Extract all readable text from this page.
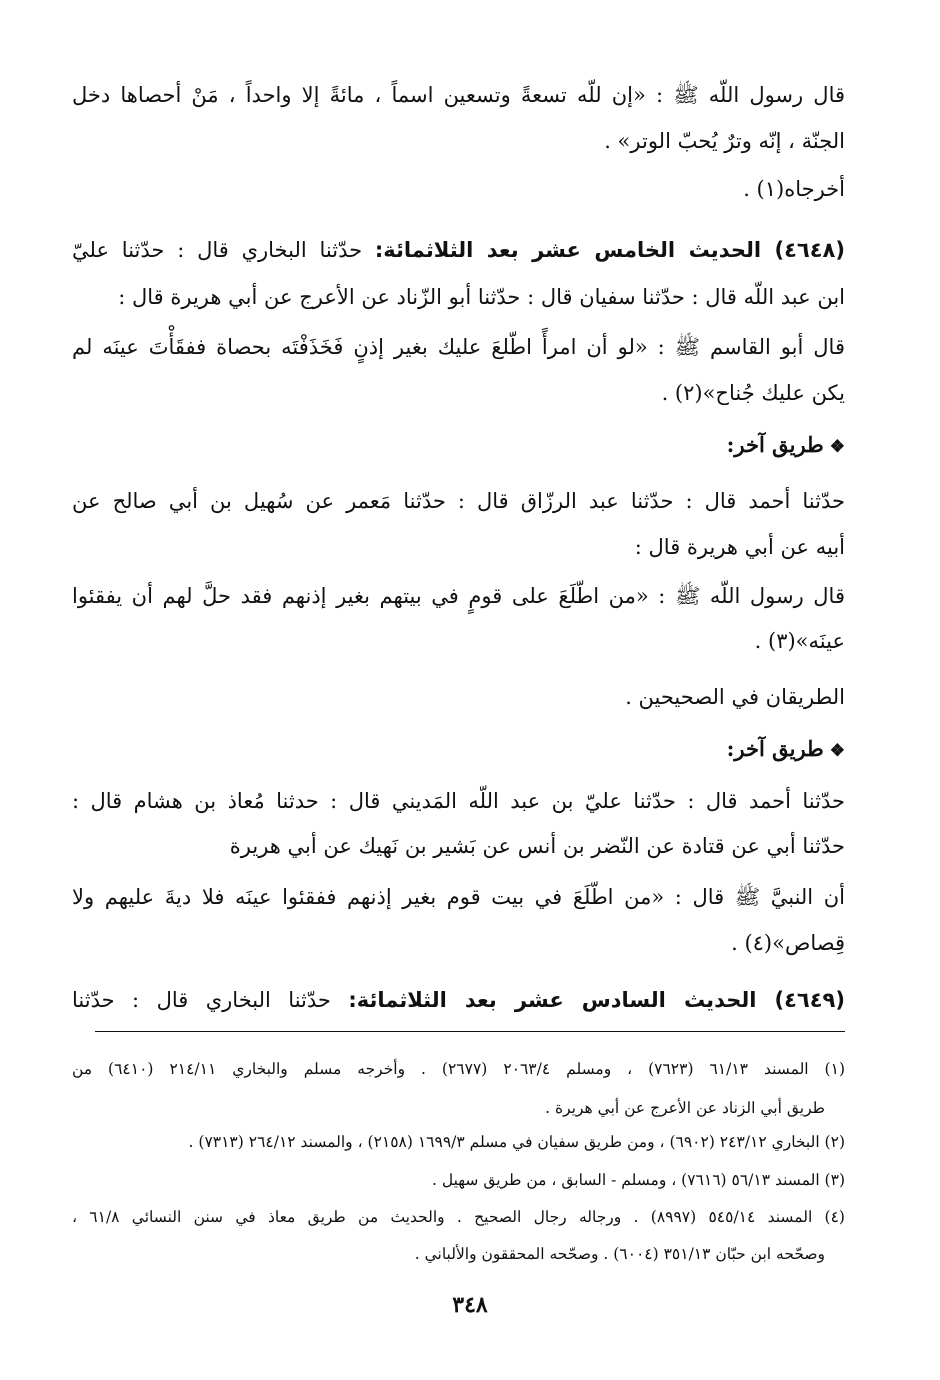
قال رسول اللّه ﷺ : «إن للّه تسعةً وتسعين اسماً ، مائةً إلا واحداً ، مَنْ أحصاها دخل
الجنّة ، إنّه وترٌ يُحبّ الوتر» .
أخرجاه(١) .
(٤٦٤٨) الحديث الخامس عشر بعد الثلاثمائة: حدّثنا البخاري قال : حدّثنا عليّ
ابن عبد اللّه قال : حدّثنا سفيان قال : حدّثنا أبو الزّناد عن الأعرج عن أبي هريرة قال :
قال أبو القاسم ﷺ : «لو أن امرأً اطّلعَ عليك بغير إذنٍ فَخَذَفْتَه بحصاة ففقَأْتَ عينَه لم
يكن عليك جُناح»(٢) .
❖طريق آخر:
حدّثنا أحمد قال : حدّثنا عبد الرزّاق قال : حدّثنا مَعمر عن سُهيل بن أبي صالح عن
أبيه عن أبي هريرة قال :
قال رسول اللّه ﷺ : «من اطّلَعَ على قومٍ في بيتهم بغير إذنهم فقد حلَّ لهم أن يفقئوا
عينَه»(٣) .
الطريقان في الصحيحين .
❖طريق آخر:
حدّثنا أحمد قال : حدّثنا عليّ بن عبد اللّه المَديني قال : حدثنا مُعاذ بن هشام قال :
حدّثنا أبي عن قتادة عن النّضر بن أنس عن بَشير بن نَهيك عن أبي هريرة
أن النبيَّ ﷺ قال : «من اطّلَعَ في بيت قوم بغير إذنهم ففقئوا عينَه فلا ديةَ عليهم ولا
قِصاص»(٤) .
(٤٦٤٩) الحديث السادس عشر بعد الثلاثمائة: حدّثنا البخاري قال : حدّثنا
(١) المسند ٦١/١٣ (٧٦٢٣) ، ومسلم ٢٠٦٣/٤ (٢٦٧٧) . وأخرجه مسلم والبخاري ٢١٤/١١ (٦٤١٠) من
طريق أبي الزناد عن الأعرج عن أبي هريرة .
(٢) البخاري ٢٤٣/١٢ (٦٩٠٢) ، ومن طريق سفيان في مسلم ١٦٩٩/٣ (٢١٥٨) ، والمسند ٢٦٤/١٢ (٧٣١٣) .
(٣) المسند ٥٦/١٣ (٧٦١٦) ، ومسلم - السابق ، من طريق سهيل .
(٤) المسند ٥٤٥/١٤ (٨٩٩٧) . ورجاله رجال الصحيح . والحديث من طريق معاذ في سنن النسائي ٦١/٨ ،
وصحّحه ابن حبّان ٣٥١/١٣ (٦٠٠٤) . وصحّحه المحققون والألباني .
٣٤٨
